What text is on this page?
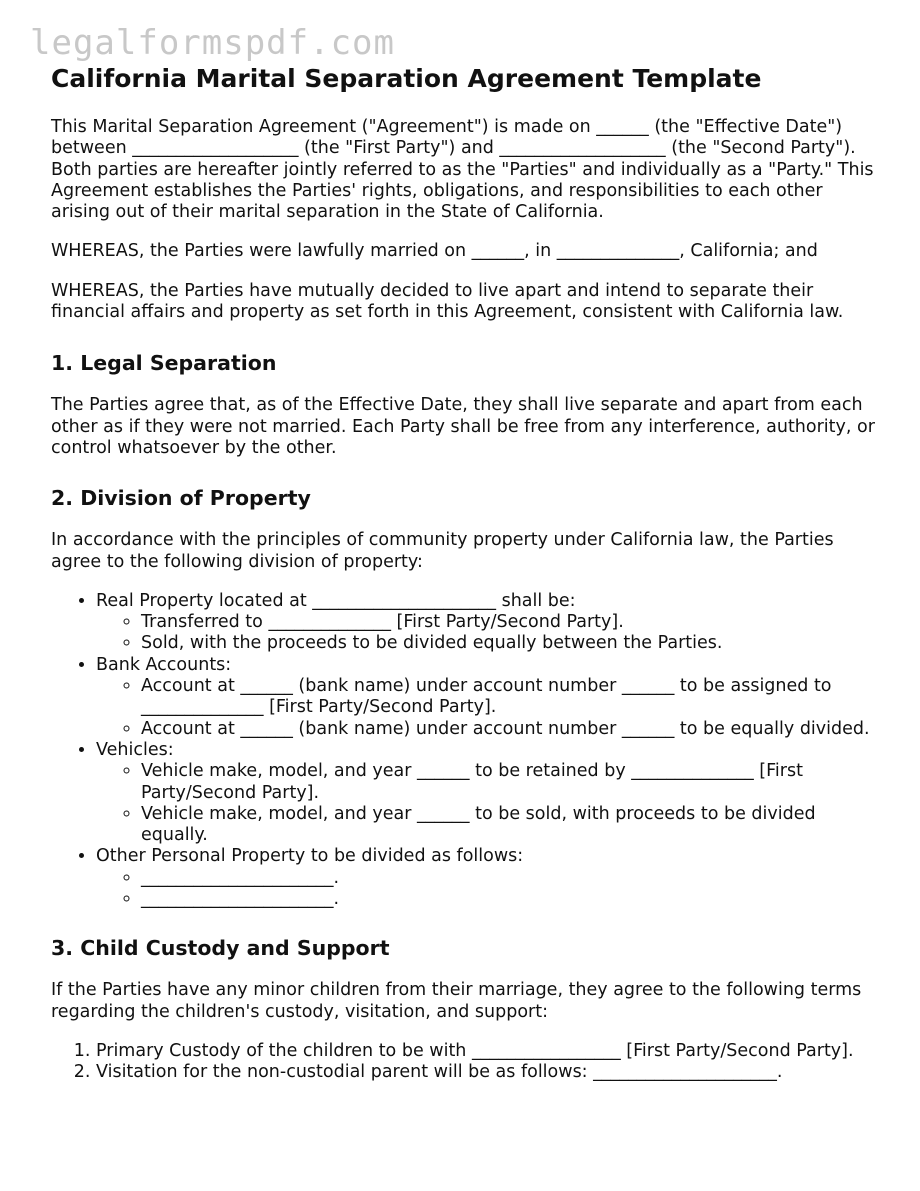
legalformspdf.com
California Marital Separation Agreement Template

This Marital Separation Agreement ("Agreement") is made on ______ (the "Effective Date") between ___________________ (the "First Party") and ___________________ (the "Second Party"). Both parties are hereafter jointly referred to as the "Parties" and individually as a "Party." This Agreement establishes the Parties' rights, obligations, and responsibilities to each other arising out of their marital separation in the State of California.

WHEREAS, the Parties were lawfully married on ______, in ______________, California; and

WHEREAS, the Parties have mutually decided to live apart and intend to separate their financial affairs and property as set forth in this Agreement, consistent with California law.

1. Legal Separation

The Parties agree that, as of the Effective Date, they shall live separate and apart from each other as if they were not married. Each Party shall be free from any interference, authority, or control whatsoever by the other.

2. Division of Property

In accordance with the principles of community property under California law, the Parties agree to the following division of property:

• Real Property located at _____________________ shall be:
◦ Transferred to ______________ [First Party/Second Party].
◦ Sold, with the proceeds to be divided equally between the Parties.
• Bank Accounts:
◦ Account at ______ (bank name) under account number ______ to be assigned to ______________ [First Party/Second Party].
◦ Account at ______ (bank name) under account number ______ to be equally divided.
• Vehicles:
◦ Vehicle make, model, and year ______ to be retained by ______________ [First Party/Second Party].
◦ Vehicle make, model, and year ______ to be sold, with proceeds to be divided equally.
• Other Personal Property to be divided as follows:
◦ ______________________.
◦ ______________________.
3. Child Custody and Support

If the Parties have any minor children from their marriage, they agree to the following terms regarding the children's custody, visitation, and support:

1. Primary Custody of the children to be with _________________ [First Party/Second Party].
2. Visitation for the non-custodial parent will be as follows: _____________________.
